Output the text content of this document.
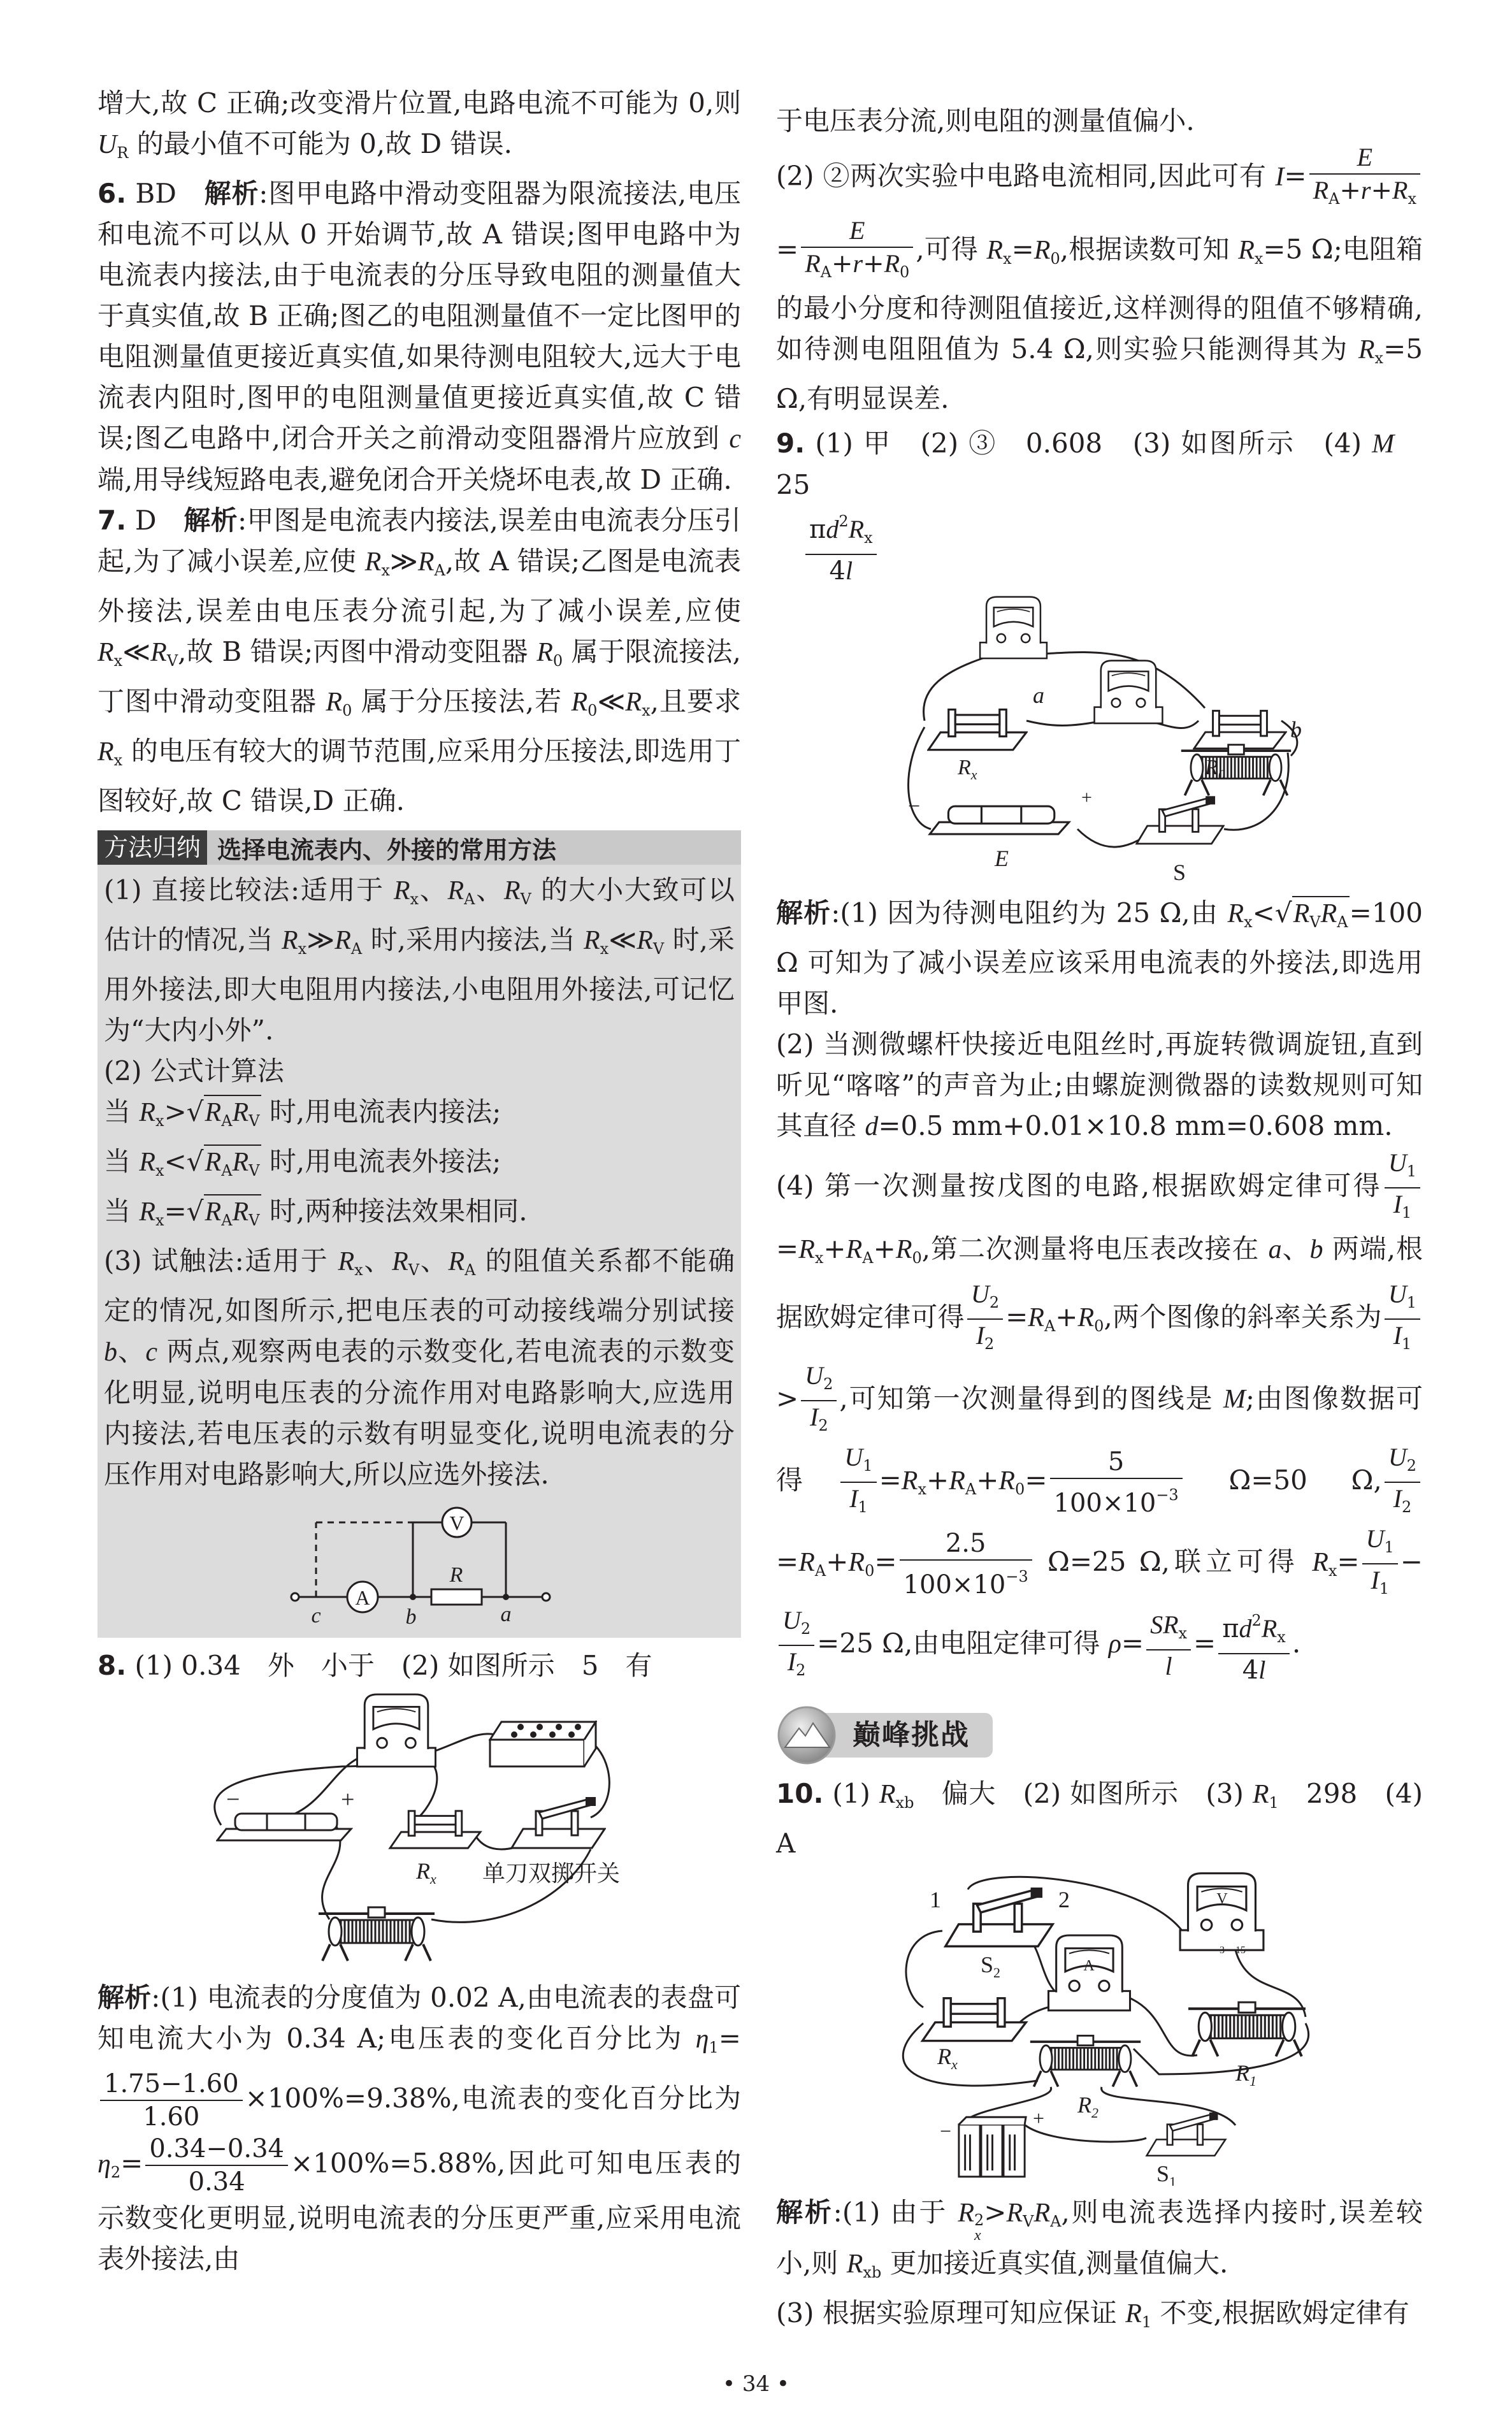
增大,故 C 正确;改变滑片位置,电路电流不可能为 0,则 $U_R$ 的最小值不可能为 0,故 D 错误.

6. BD　解析:图甲电路中滑动变阻器为限流接法,电压和电流不可以从 0 开始调节,故 A 错误;图甲电路中为电流表内接法,由于电流表的分压导致电阻的测量值大于真实值,故 B 正确;图乙的电阻测量值不一定比图甲的电阻测量值更接近真实值,如果待测电阻较大,远大于电流表内阻时,图甲的电阻测量值更接近真实值,故 C 错误;图乙电路中,闭合开关之前滑动变阻器滑片应放到 c 端,用导线短路电表,避免闭合开关烧坏电表,故 D 正确.

7. D　解析:甲图是电流表内接法,误差由电流表分压引起,为了减小误差,应使 $R_x≫R_A$,故 A 错误;乙图是电流表外接法,误差由电压表分流引起,为了减小误差,应使 $R_x≪R_V$,故 B 错误;丙图中滑动变阻器 $R_0$ 属于限流接法,丁图中滑动变阻器 $R_0$ 属于分压接法,若 $R_0≪R_x$,且要求 $R_x$ 的电压有较大的调节范围,应采用分压接法,即选用丁图较好,故 C 错误,D 正确.

方法归纳 选择电流表内、外接的常用方法

(1) 直接比较法:适用于 $R_x$、$R_A$、$R_V$ 的大小大致可以估计的情况,当 $R_x≫R_A$ 时,采用内接法,当 $R_x≪R_V$ 时,采用外接法,即大电阻用内接法,小电阻用外接法,可记忆为“大内小外”.

(2) 公式计算法

当 $R_x>$ √ $R_AR_V$ 时,用电流表内接法;

当 $R_x<$ √ $R_AR_V$ 时,用电流表外接法;

当 $R_x=$ √ $R_AR_V$ 时,两种接法效果相同.

(3) 试触法:适用于 $R_x$、$R_V$、$R_A$ 的阻值关系都不能确定的情况,如图所示,把电压表的可动接线端分别试接 b、c 两点,观察两电表的示数变化,若电流表的示数变化明显,说明电压表的分流作用对电路影响大,应选用内接法,若电压表的示数有明显变化,说明电流表的分压作用对电路影响大,所以应选外接法.

A
V
R
c	b	a

8. (1) 0.34　外　小于　(2) 如图所示　5　有

−	+
$R_x$ 单刀双掷开关

解析:(1) 电流表的分度值为 0.02 A,由电流表的表盘可知电流大小为 0.34 A;电压表的变化百分比为 $\eta_1=$
$\frac{1.75-1.60}{1.60} \times 100\%=9.38\%$,电流表的变化百分比为 $\eta_2= \frac{0.34-0.34}{0.34} \times 100\%=5.88\%$,因此可知电压表的示数变化更明显,说明电流表的分压更严重,应采用电流表外接法,由

于电压表分流,则电阻的测量值偏小.

(2) ②两次实验中电路电流相同,因此可有 $I= \frac{E}{R_A+r+R_x}$
= $\frac{E}{R_A+r+R_0}$ ,可得 $R_x=R_0$,根据读数可知 $R_x=5$ Ω;电阻箱的最小分度和待测阻值接近,这样测得的阻值不够精确,如待测电阻阻值为 5.4 Ω,则实验只能测得其为 $R_x=5$ Ω,有明显误差.

9. (1) 甲　(2) ③　0.608　(3) 如图所示　(4) M　25

$\frac{\pi d^2R_x}{4l}$

a
b
$R_0$
$R_x$
E
S
−	+

解析:(1) 因为待测电阻约为 25 Ω,由 $R_x<$ √ $R_VR_A=100$ Ω 可知为了减小误差应该采用电流表的外接法,即选用甲图.

(2) 当测微螺杆快接近电阻丝时,再旋转微调旋钮,直到听见“喀喀”的声音为止;由螺旋测微器的读数规则可知其直径 d=0.5 mm+0.01×10.8 mm=0.608 mm.

(4) 第一次测量按戊图的电路,根据欧姆定律可得 $\frac{U_1}{I_1}$
$=R_x+R_A+R_0$,第二次测量将电压表改接在 a、b 两端,根据欧姆定律可得 $\frac{U_2}{I_2} =R_A+R_0$,两个图像的斜率关系为 $\frac{U_1}{I_1}$
> $\frac{U_2}{I_2}$ ,可知第一次测量得到的图线是 M;由图像数据可得 $\frac{U_1}{I_1} =R_x+R_A+R_0= \frac{5}{100\times 10^{-3}} \Omega=50$ Ω, $\frac{U_2}{I_2}$
$=R_A+R_0= \frac{2.5}{100\times 10^{-3}} \Omega=25$ Ω,联立可得 $R_x= \frac{U_1}{I_1}$ −
$\frac{U_2}{I_2} =25$ Ω,由电阻定律可得 $\rho= \frac{SR_x}{l} = \frac{\pi d^2R_x}{4l}$ .

巅峰挑战

10. (1) $R_{xb}$　偏大　(2) 如图所示　(3) $R_1$　298　(4) A

V
A
3 15
1	2
$S_2$
$R_x$	$R_1$
$R_2$
+
−
$S_1$

解析:(1) 由于 R 2
x
$>R_VR_A$,则电流表选择内接时,误差较小,则 $R_{xb}$ 更加接近真实值,测量值偏大.

(3) 根据实验原理可知应保证 $R_1$ 不变,根据欧姆定律有

• 34 •
